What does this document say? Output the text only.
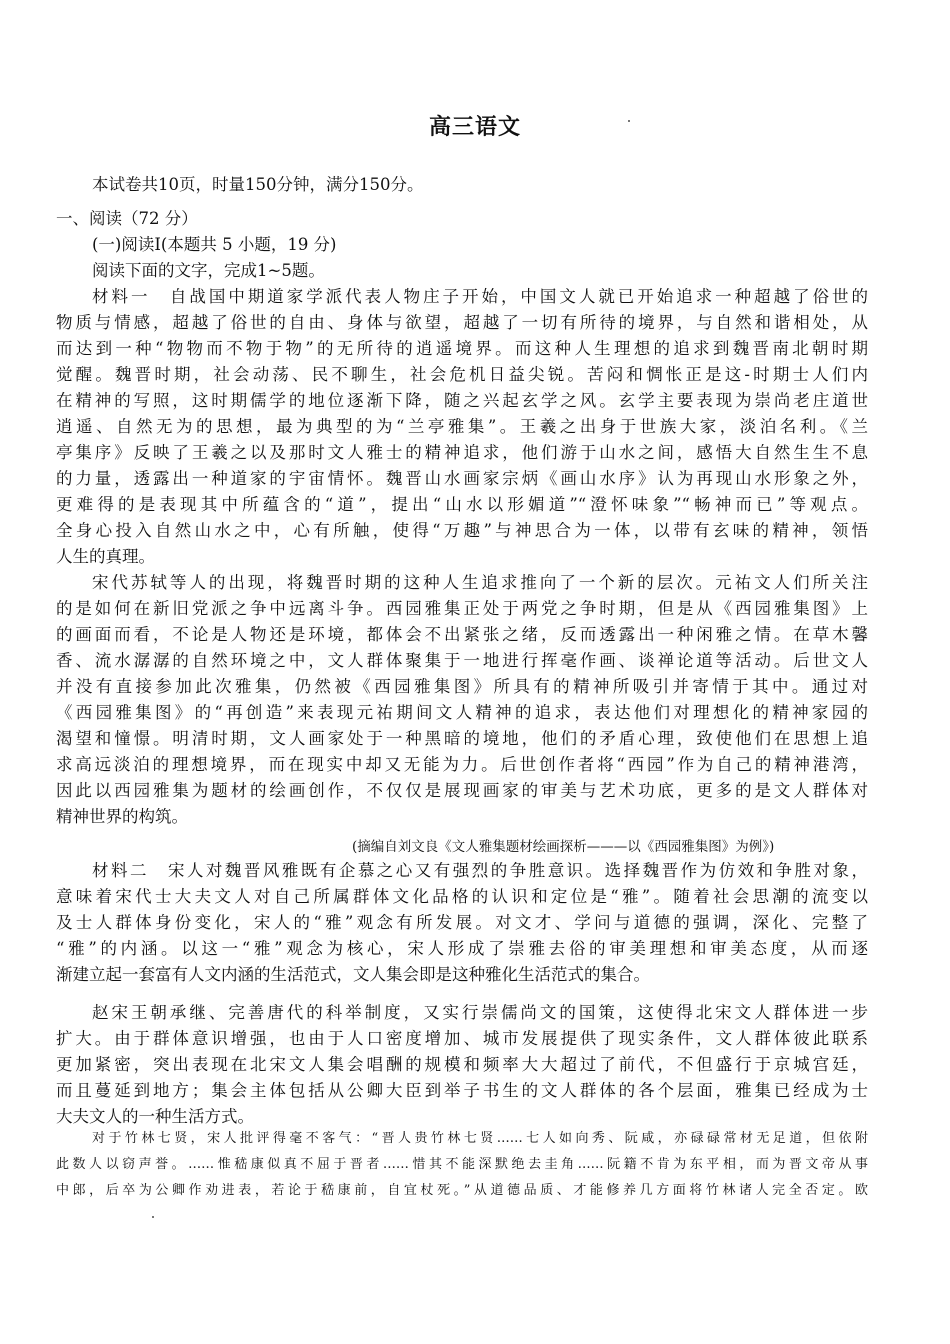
高三语文
本试卷共10页，时量150分钟，满分150分。
一、阅读（72 分）
(一)阅读Ⅰ(本题共 5 小题，19 分)
阅读下面的文字，完成1~5题。
材料一　自战国中期道家学派代表人物庄子开始，中国文人就已开始追求一种超越了俗世的
物质与情感，超越了俗世的自由、身体与欲望，超越了一切有所待的境界，与自然和谐相处，从
而达到一种“物物而不物于物”的无所待的逍遥境界。而这种人生理想的追求到魏晋南北朝时期
觉醒。魏晋时期，社会动荡、民不聊生，社会危机日益尖锐。苦闷和惆怅正是这-时期士人们内
在精神的写照，这时期儒学的地位逐渐下降，随之兴起玄学之风。玄学主要表现为崇尚老庄道世
逍遥、自然无为的思想，最为典型的为“兰亭雅集”。王羲之出身于世族大家，淡泊名利。《兰
亭集序》反映了王羲之以及那时文人雅士的精神追求，他们游于山水之间，感悟大自然生生不息
的力量，透露出一种道家的宇宙情怀。魏晋山水画家宗炳《画山水序》认为再现山水形象之外，
更难得的是表现其中所蕴含的“道”，提出“山水以形媚道”“澄怀味象”“畅神而已”等观点。
全身心投入自然山水之中，心有所触，使得“万趣”与神思合为一体，以带有玄味的精神，领悟
人生的真理。
宋代苏轼等人的出现，将魏晋时期的这种人生追求推向了一个新的层次。元祐文人们所关注
的是如何在新旧党派之争中远离斗争。西园雅集正处于两党之争时期，但是从《西园雅集图》上
的画面而看，不论是人物还是环境，都体会不出紧张之绪，反而透露出一种闲雅之情。在草木馨
香、流水潺潺的自然环境之中，文人群体聚集于一地进行挥毫作画、谈禅论道等活动。后世文人
并没有直接参加此次雅集，仍然被《西园雅集图》所具有的精神所吸引并寄情于其中。通过对
《西园雅集图》的“再创造”来表现元祐期间文人精神的追求，表达他们对理想化的精神家园的
渴望和憧憬。明清时期，文人画家处于一种黑暗的境地，他们的矛盾心理，致使他们在思想上追
求高远淡泊的理想境界，而在现实中却又无能为力。后世创作者将“西园”作为自己的精神港湾，
因此以西园雅集为题材的绘画创作，不仅仅是展现画家的审美与艺术功底，更多的是文人群体对
精神世界的构筑。
(摘编自刘文良《文人雅集题材绘画探析———以《西园雅集图》为例》)
材料二　宋人对魏晋风雅既有企慕之心又有强烈的争胜意识。选择魏晋作为仿效和争胜对象，
意味着宋代士大夫文人对自己所属群体文化品格的认识和定位是“雅”。随着社会思潮的流变以
及士人群体身份变化，宋人的“雅”观念有所发展。对文才、学问与道德的强调，深化、完整了
“雅”的内涵。以这一“雅”观念为核心，宋人形成了崇雅去俗的审美理想和审美态度，从而逐
渐建立起一套富有人文内涵的生活范式，文人集会即是这种雅化生活范式的集合。
赵宋王朝承继、完善唐代的科举制度，又实行崇儒尚文的国策，这使得北宋文人群体进一步
扩大。由于群体意识增强，也由于人口密度增加、城市发展提供了现实条件，文人群体彼此联系
更加紧密，突出表现在北宋文人集会唱酬的规模和频率大大超过了前代，不但盛行于京城宫廷，
而且蔓延到地方；集会主体包括从公卿大臣到举子书生的文人群体的各个层面，雅集已经成为士
大夫文人的一种生活方式。
对于竹林七贤，宋人批评得毫不客气：“晋人贵竹林七贤……七人如向秀、阮咸，亦碌碌常材无足道，但依附
此数人以窃声誉。……惟嵇康似真不屈于晋者……惜其不能深默绝去圭角……阮籍不肯为东平相，而为晋文帝从事
中郎，后卒为公卿作劝进表，若论于嵇康前，自宜杖死。”从道德品质、才能修养几方面将竹林诸人完全否定。欧
